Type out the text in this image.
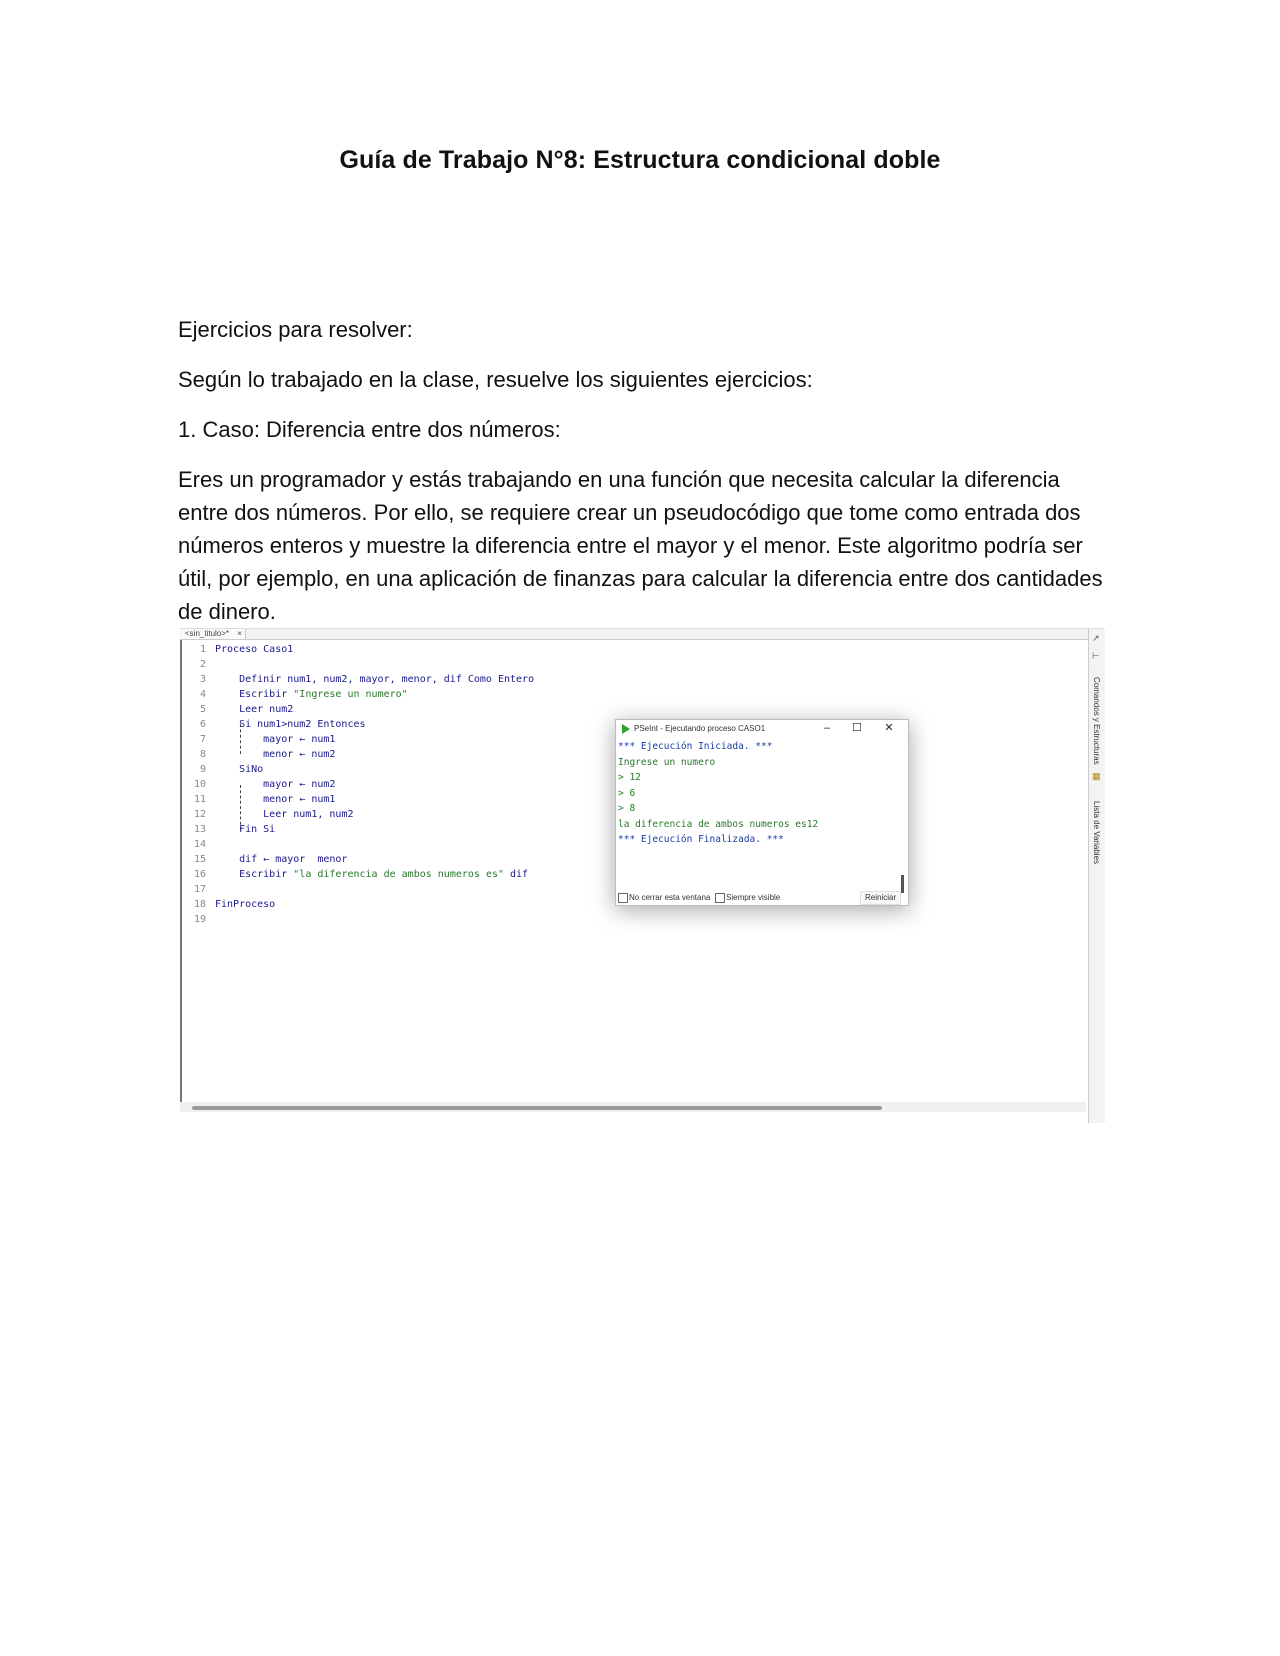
Guía de Trabajo N°8: Estructura condicional doble

Ejercicios para resolver:

Según lo trabajado en la clase, resuelve los siguientes ejercicios:

1. Caso: Diferencia entre dos números:

Eres un programador y estás trabajando en una función que necesita calcular la diferencia entre dos números. Por ello, se requiere crear un pseudocódigo que tome como entrada dos números enteros y muestre la diferencia entre el mayor y el menor. Este algoritmo podría ser útil, por ejemplo, en una aplicación de finanzas para calcular la diferencia entre dos cantidades de dinero.

<sin_titulo>* ×
1 Proceso Caso1
2
3 Definir num1, num2, mayor, menor, dif Como Entero
4 Escribir "Ingrese un numero"
5 Leer num2
6 Si num1>num2 Entonces
7 mayor ← num1
8 menor ← num2
9 SiNo
10 mayor ← num2
11 menor ← num1
12 Leer num1, num2
13 Fin Si
14
15 dif ← mayor  menor
16 Escribir "la diferencia de ambos numeros es" dif
17
18 FinProceso
19
↗
⊢
Comandos y Estructuras
▦
Lista de Variables
PSeInt - Ejecutando proceso CASO1	–	☐	✕
*** Ejecución Iniciada. ***
Ingrese un numero
> 12
> 6
> 8
la diferencia de ambos numeros es12
*** Ejecución Finalizada. ***
No cerrar esta ventana Siempre visible	Reiniciar
